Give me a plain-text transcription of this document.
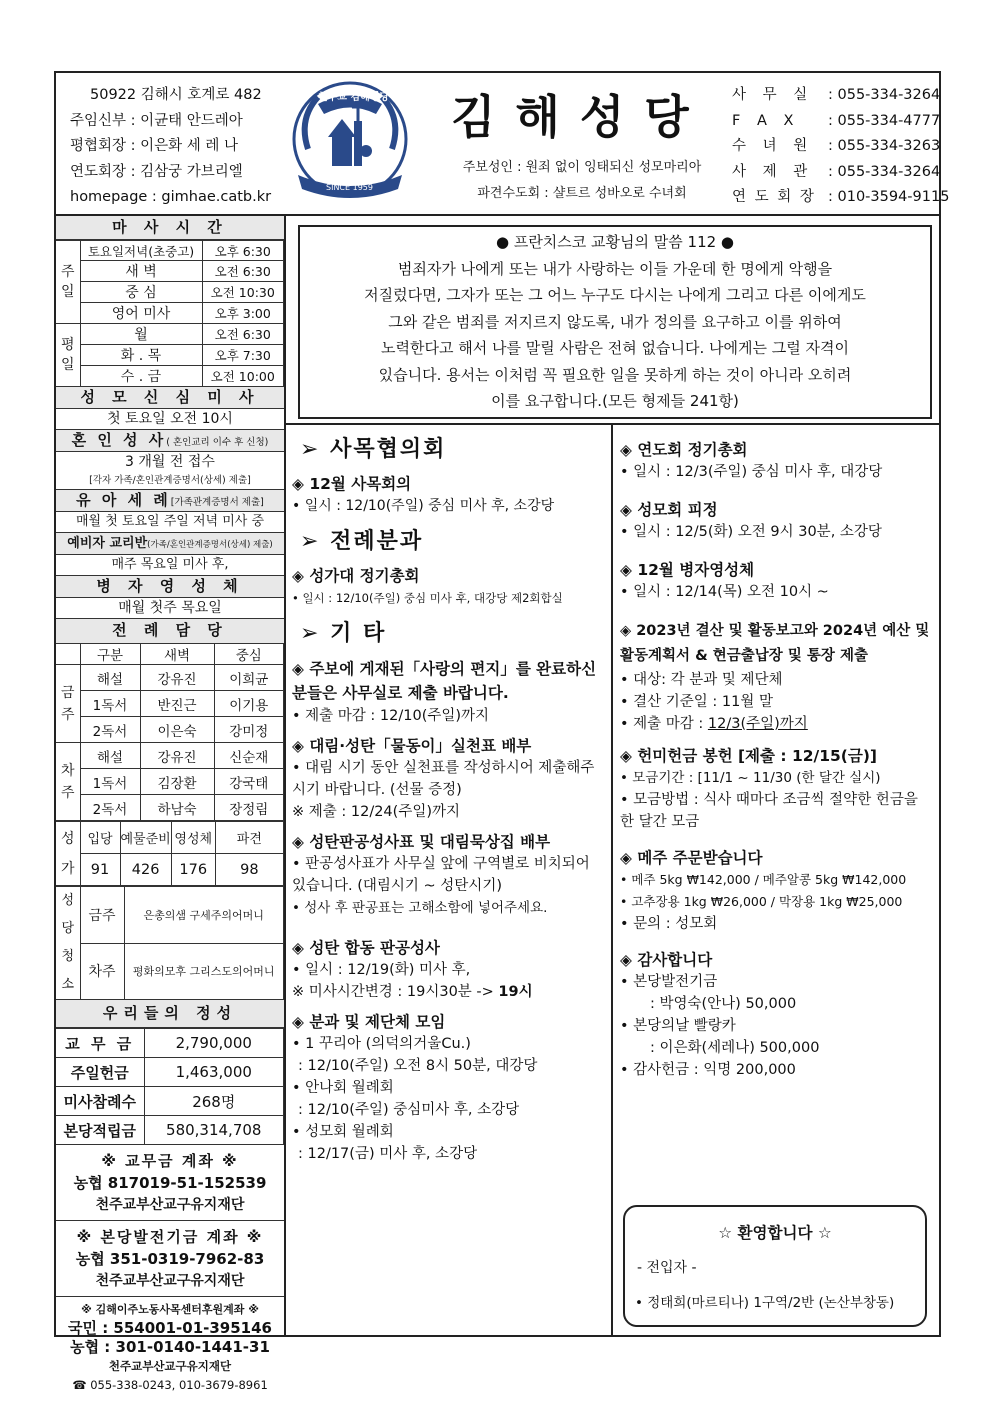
50922 김해시 호계로 482
주임신부 : 이균태 안드레아
평협회장 : 이은화 세 레 나
연도회장 : 김삼궁 가브리엘
homepage : gimhae.catb.kr
천주교 김해성당
SINCE 1959
김해성당
주보성인 : 원죄 없이 잉태되신 성모마리아
파견수도회 : 샬트르 성바오로 수녀회
사 무 실	: 055-334-3264
F A X	: 055-334-4777
수 녀 원	: 055-334-3263
사 제 관	: 055-334-3264
연 도 회 장 : 010-3594-9115
마 사 시 간
주일	토요일저녁(초중고)	오후 6:30
	새 벽	오전 6:30
	중 심	오전 10:30
	영어 미사	오후 3:00
평일	월	오전 6:30
	화 . 목	오후 7:30
	수 . 금	오전 10:00
성 모 신 심 미 사
첫 토요일 오전 10시
혼 인 성 사( 혼인교리 이수 후 신청)
3 개월 전 접수
[각자 가족/혼인관계증명서(상세) 제출]
유 아 세 례[가족관계증명서 제출]
매월 첫 토요일 주일 저녁 미사 중
예비자 교리반(가족/혼인관계증명서(상세) 제출)
매주 목요일 미사 후,
병 자 영 성 체
매월 첫주 목요일
전 례 담 당
	구분	새벽	중심
금주	해설	강유진	이희균
	1독서	반진근	이기용
	2독서	이은숙	강미정
차주	해설	강유진	신순재
	1독서	김장환	강국태
	2독서	하남숙	장정림
성가	입당	예물준비	영성체	파견
	91	426	176	98
성당청소	금주	은총의샘 구세주의어머니
	차주	평화의모후 그리스도의어머니
우리들의 정성
교 무 금	2,790,000
주일헌금	1,463,000
미사참례수	268명
본당적립금	580,314,708
※ 교무금 계좌 ※
농협 817019-51-152539
천주교부산교구유지재단
※ 본당발전기금 계좌 ※
농협 351-0319-7962-83
천주교부산교구유지재단
※ 김해이주노동사목센터후원계좌 ※
국민 : 554001-01-395146
농협 : 301-0140-1441-31
천주교부산교구유지재단
☎ 055-338-0243, 010-3679-8961
● 프란치스코 교황님의 말씀 112 ●
범죄자가 나에게 또는 내가 사랑하는 이들 가운데 한 명에게 악행을
저질렀다면, 그자가 또는 그 어느 누구도 다시는 나에게 그리고 다른 이에게도
그와 같은 범죄를 저지르지 않도록, 내가 정의를 요구하고 이를 위하여
노력한다고 해서 나를 말릴 사람은 전혀 없습니다. 나에게는 그럴 자격이
있습니다. 용서는 이처럼 꼭 필요한 일을 못하게 하는 것이 아니라 오히려
이를 요구합니다.(모든 형제들 241항)
➢ 사목협의회
◈ 12월 사목회의
• 일시 : 12/10(주일) 중심 미사 후, 소강당
➢ 전례분과
◈ 성가대 정기총회
• 일시 : 12/10(주일) 중심 미사 후, 대강당 제2회합실
➢ 기 타
◈ 주보에 게재된「사랑의 편지」를 완료하신 분들은 사무실로 제출 바랍니다.
• 제출 마감 : 12/10(주일)까지
◈ 대림·성탄「물동이」실천표 배부
• 대림 시기 동안 실천표를 작성하시어 제출해주시기 바랍니다. (선물 증정)
※ 제출 : 12/24(주일)까지
◈ 성탄판공성사표 및 대림묵상집 배부
• 판공성사표가 사무실 앞에 구역별로 비치되어 있습니다. (대림시기 ~ 성탄시기)
• 성사 후 판공표는 고해소함에 넣어주세요.
◈ 성탄 합동 판공성사
• 일시 : 12/19(화) 미사 후,
※ 미사시간변경 : 19시30분 -> 19시
◈ 분과 및 제단체 모임
• 1 꾸리아 (의덕의거울Cu.)
: 12/10(주일) 오전 8시 50분, 대강당
• 안나회 월례회
: 12/10(주일) 중심미사 후, 소강당
• 성모회 월례회
: 12/17(금) 미사 후, 소강당
◈ 연도회 정기총회
• 일시 : 12/3(주일) 중심 미사 후, 대강당
◈ 성모회 피정
• 일시 : 12/5(화) 오전 9시 30분, 소강당
◈ 12월 병자영성체
• 일시 : 12/14(목) 오전 10시 ~
◈ 2023년 결산 및 활동보고와 2024년 예산 및 활동계획서 & 현금출납장 및 통장 제출
• 대상: 각 분과 및 제단체
• 결산 기준일 : 11월 말
• 제출 마감 : 12/3(주일)까지
◈ 헌미헌금 봉헌 [제출 : 12/15(금)]
• 모금기간 : [11/1 ~ 11/30 (한 달간 실시)
• 모금방법 : 식사 때마다 조금씩 절약한 헌금을 한 달간 모금
◈ 메주 주문받습니다
• 메주 5kg ₩142,000 / 메주알콩 5kg ₩142,000
• 고추장용 1kg ₩26,000 / 막장용 1kg ₩25,000
• 문의 : 성모회
◈ 감사합니다
• 본당발전기금
: 박영숙(안나) 50,000
• 본당의날 빨랑카
: 이은화(세레나) 500,000
• 감사헌금 : 익명 200,000
☆ 환영합니다 ☆
- 전입자 -
• 정태희(마르티나) 1구역/2반 (논산부창동)
